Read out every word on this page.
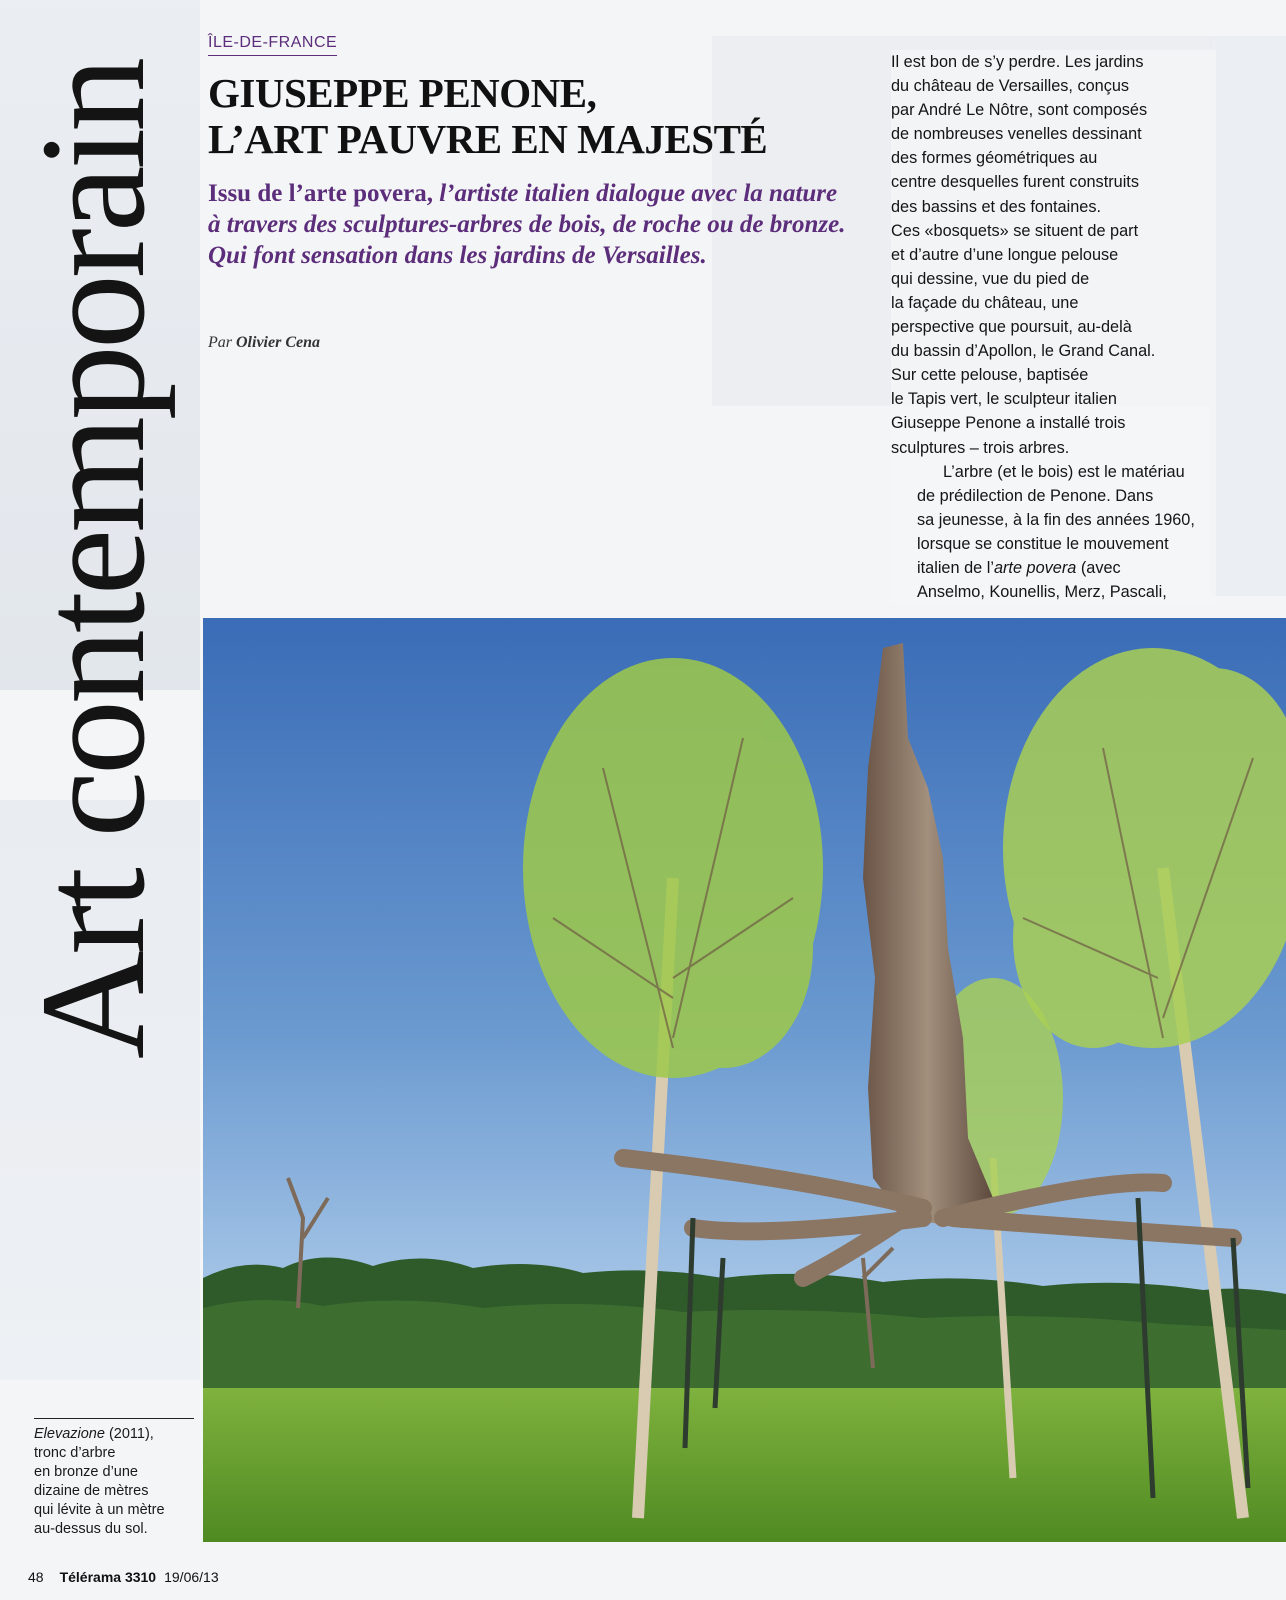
Art contemporain
ÎLE-DE-FRANCE
GIUSEPPE PENONE,
L’ART PAUVRE EN MAJESTÉ
Issu de l’arte povera, l’artiste italien dialogue avec la nature à travers des sculptures-arbres de bois, de roche ou de bronze. Qui font sensation dans les jardins de Versailles.
Par Olivier Cena

Il est bon de s’y perdre. Les jardins
du château de Versailles, conçus
par André Le Nôtre, sont composés
de nombreuses venelles dessinant
des formes géométriques au
centre desquelles furent construits
des bassins et des fontaines.
Ces «bosquets» se situent de part
et d’autre d’une longue pelouse
qui dessine, vue du pied de
la façade du château, une
perspective que poursuit, au-delà
du bassin d’Apollon, le Grand Canal.
Sur cette pelouse, baptisée
le Tapis vert, le sculpteur italien
Giuseppe Penone a installé trois
sculptures – trois arbres.

L’arbre (et le bois) est le matériau
de prédilection de Penone. Dans
sa jeunesse, à la fin des années 1960,
lorsque se constitue le mouvement
italien de l’arte povera (avec
Anselmo, Kounellis, Merz, Pascali,

Elevazione (2011),
tronc d’arbre
en bronze d’une
dizaine de mètres
qui lévite à un mètre
au-dessus du sol.
48 Télérama 3310 19/06/13
